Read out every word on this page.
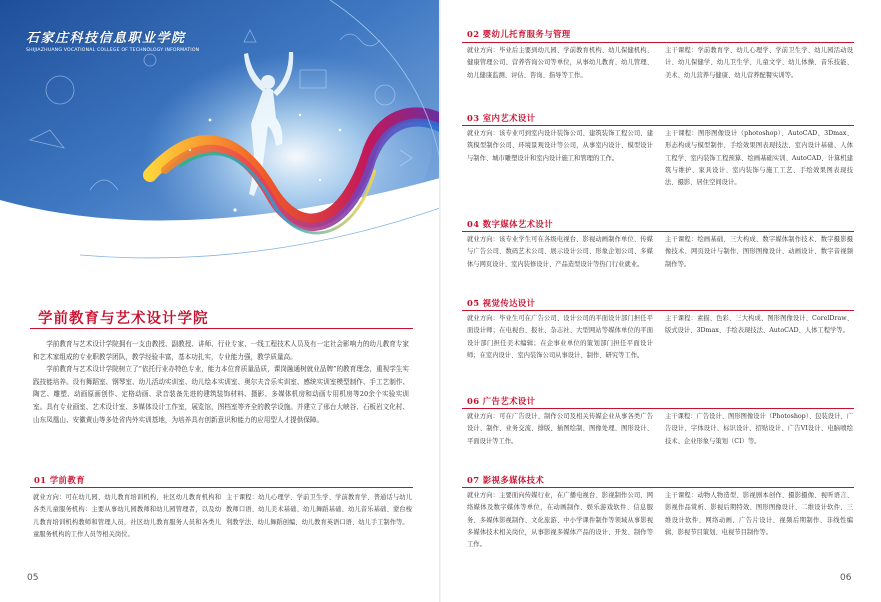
石家庄科技信息职业学院
SHIJIAZHUANG VOCATIONAL COLLEGE OF TECHNOLOGY INFORMATION
学前教育与艺术设计学院

学前教育与艺术设计学院拥有一支由教授、副教授、讲师、行业专家、一线工程技术人员及有一定社会影响力的幼儿教育专家和艺术家组成的专业职教学团队，教学经验丰富，基本功扎实，专业能力强，教学质量高。

学前教育与艺术设计学院树立了“依托行业办特色专业，能力本位育质量品质，课岗融通树就业品牌”的教育理念，重视学生实践技能培养。设有舞蹈室、钢琴室、幼儿活动实训室、幼儿绘本实训室、奥尔夫音乐实训室、感统实训室模型制作、手工艺制作、陶艺、雕塑、动画原画创作、定格动画、录音装备先进的建筑装饰材料、摄影、多媒体机房和动画专用机房等20余个实验实训室。具有专业画室、艺术设计室、多媒体设计工作室，展览馆，图档室等齐全的教学设施。并建立了邢台大峡谷、石板岩文化村、山东凤凰山、安徽黄山等多处省内外实训基地，为培养具有创新意识和能力的应用型人才提供保障。

01 学前教育
就业方向：可在幼儿园、幼儿教育培训机构、社区幼儿教育机构和各类儿童服务机构：主要从事幼儿园教师和幼儿园管理者，以及幼儿教育培训机构教师和管理人员，社区幼儿教育服务人员和各类儿童服务机构的工作人员等相关岗位。
主干课程：幼儿心理学、学前卫生学、学前教育学、普通话与幼儿教师口语、幼儿美术基础、幼儿舞蹈基础、幼儿音乐基础、蒙台梭利教学法、幼儿舞蹈创编、幼儿教育英语口语、幼儿手工制作等。
05
02 婴幼儿托育服务与管理
就业方向：毕业后主要到幼儿园、学前教育机构、幼儿保健机构、健康管理公司、营养咨询公司等单位，从事幼儿教育、幼儿管理、幼儿健康监测、评估、咨询、指导等工作。
主干课程：学前教育学、幼儿心理学、学前卫生学、幼儿园活动设计、幼儿保健学、幼儿卫生学、儿童文学、幼儿体操、音乐技能、美术、幼儿营养与健康、幼儿营养配餐实训等。
03 室内艺术设计
就业方向：该专业可到室内设计装饰公司、建筑装饰工程公司、建筑模型制作公司、环境景观设计等公司，从事室内设计、模型设计与制作、城市雕塑设计和室内设计施工和管理的工作。
主干课程：图形图像设计（photoshop）、AutoCAD、3Dmax、形态构成与模型制作、手绘效果图表现技法、室内设计基础、人体工程学、室内装饰工程预算、绘画基础实训、AutoCAD、计算机建筑与维护、家具设计、室内装饰与施工工艺、手绘效果图表现技法、摄影、居住空间设计。
04 数字媒体艺术设计
就业方向：该专业学生可在各级电视台、影视动画制作单位、传媒与广告公司、数码艺术公司、展示设计公司、形象企划公司、多媒体与网页设计、室内装修设计、产品造型设计等热门行业就业。
主干课程：绘画基础、三大构成、数字媒体制作技术、数字摄影摄像技术、网页设计与制作、图形图像设计、动画设计、数字音视频制作等。
05 视觉传达设计
就业方向：毕业生可在广告公司、设计公司的平面设计部门担任平面设计师；在电视台、报社、杂志社、大型网站等媒体单位的平面设计部门担任美术编辑；在企事业单位的策划部门担任平面设计师；在室内设计、室内装饰公司从事设计、制作、研究等工作。
主干课程：素描、色彩、三大构成、图形图像设计、CorelDraw、版式设计、3Dmax、手绘表现技法、AutoCAD、人体工程学等。
06 广告艺术设计
就业方向：可在广告设计、制作公司及相关传媒企业从事各类广告设计、制作、业务交流、排版、插图绘制、图像处理、图形设计、平面设计等工作。
主干课程：广告设计、图形图像设计（Photoshop）、包装设计、广告设计、字体设计、标识设计、招贴设计、广告VI设计、电脑喷绘技术、企业形象与策划（CI）等。
07 影视多媒体技术
就业方向：主要面向传媒行业，在广播电视台、影视制作公司、网络媒体及数字媒体等单位，在动画制作、娱乐游戏软件、信息服务、多媒体影视制作、文化旅游、中小学课件制作等领域从事影视多媒体技术相关岗位，从事影视多媒体产品的设计、开发、制作等工作。
主干课程：动物人物造型、影视剧本创作、摄影摄像、视听语言、影视作品赏析、影视后期特效、图形图像设计、二维设计软件、三维设计软件、网络动画、广告片设计、视频后期制作、非线性编辑、影视节目策划、电视节目制作等。
06
